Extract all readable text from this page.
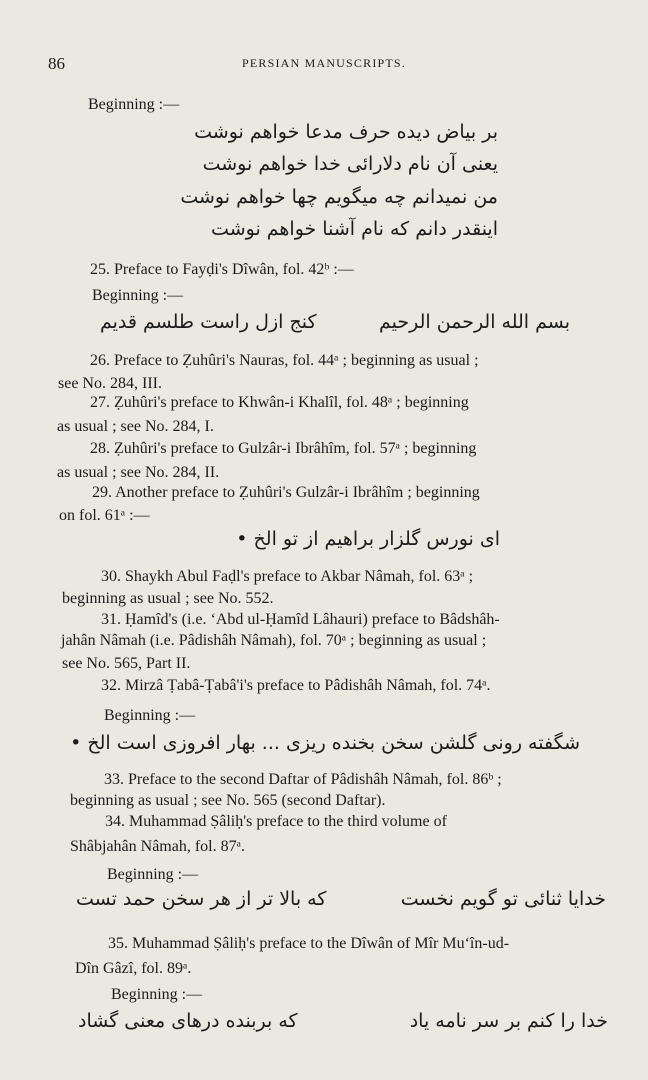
86	PERSIAN MANUSCRIPTS.
Beginning :—
بر بیاض دیده حرف مدعا خواهم نوشت
یعنی آن نام دلارائی خدا خواهم نوشت
من نمیدانم چه میگویم چها خواهم نوشت
اینقدر دانم که نام آشنا خواهم نوشت
25. Preface to Fayḍi's Dîwân, fol. 42ᵇ :—
Beginning :—
کنج ازل راست طلسم قدیم	بسم الله الرحمن الرحیم
26. Preface to Ẓuhûri's Nauras, fol. 44ᵃ ; beginning as usual ;
see No. 284, III.
27. Ẓuhûri's preface to Khwân-i Khalîl, fol. 48ᵃ ; beginning
as usual ; see No. 284, I.
28. Ẓuhûri's preface to Gulzâr-i Ibrâhîm, fol. 57ᵃ ; beginning
as usual ; see No. 284, II.
29. Another preface to Ẓuhûri's Gulzâr-i Ibrâhîm ; beginning
on fol. 61ᵃ :—
ای نورس گلزار براهیم از تو الخ •
30. Shaykh Abul Faḍl's preface to Akbar Nâmah, fol. 63ᵃ ;
beginning as usual ; see No. 552.
31. Ḥamîd's (i.e. ‘Abd ul-Ḥamîd Lâhauri) preface to Bâdshâh-
jahân Nâmah (i.e. Pâdishâh Nâmah), fol. 70ᵃ ; beginning as usual ;
see No. 565, Part II.
32. Mirzâ Ṭabâ-Ṭabâ'i's preface to Pâdishâh Nâmah, fol. 74ᵃ.
Beginning :—
شگفته رونی گلشن سخن بخنده ریزی ... بهار افروزی است الخ •
33. Preface to the second Daftar of Pâdishâh Nâmah, fol. 86ᵇ ;
beginning as usual ; see No. 565 (second Daftar).
34. Muhammad Ṣâliḥ's preface to the third volume of
Shâbjahân Nâmah, fol. 87ᵃ.
Beginning :—
که بالا تر از هر سخن حمد تست	خدایا ثنائی تو گویم نخست
35. Muhammad Ṣâliḥ's preface to the Dîwân of Mîr Mu‘în-ud-
Dîn Gâzî, fol. 89ᵃ.
Beginning :—
که بربنده درهای معنی گشاد	خدا را کنم بر سر نامه یاد
